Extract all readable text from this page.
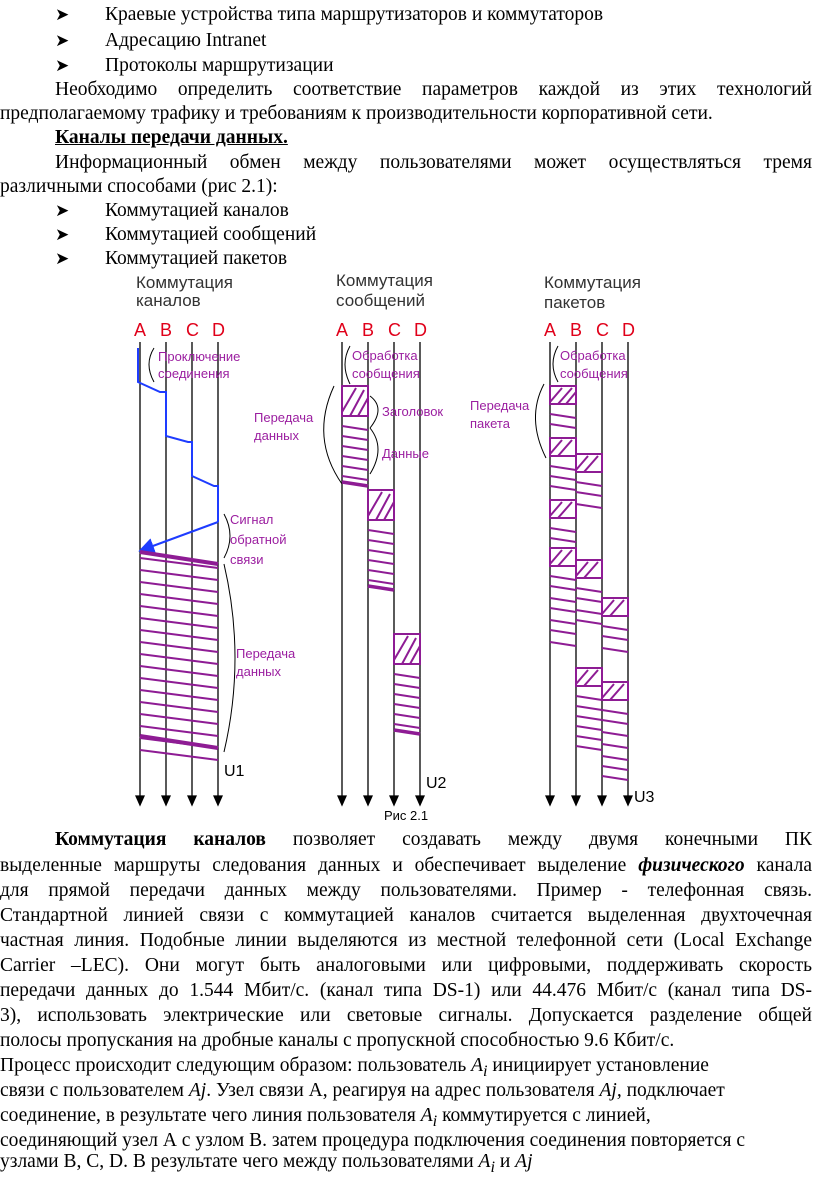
➤ Краевые устройства типа маршрутизаторов и коммутаторов
➤ Адресацию Intranet
➤ Протоколы маршрутизации
Необходимо определить соответствие параметров каждой из этих технологий
предполагаемому трафику и требованиям к производительности корпоративной сети.
Каналы передачи данных.
Информационный обмен между пользователями может осуществляться тремя
различными способами (рис 2.1):
➤ Коммутацией каналов
➤ Коммутацией сообщений
➤ Коммутацией пакетов
Коммутация
каналов
A B C D
Проключение
соединения
Сигнал
обратной
связи
Передача
данных
U1
Коммутация
сообщений
A B C D
Обработка
сообщения
Передача
данных
Заголовок
Данные
U2
Рис 2.1
Коммутация
пакетов
A B C D
Обработка
сообщения
Передача
пакета
U3
Коммутация каналов позволяет создавать между двумя конечными ПК
выделенные маршруты следования данных и обеспечивает выделение физического канала
для прямой передачи данных между пользователями. Пример - телефонная связь.
Стандартной линией связи с коммутацией каналов считается выделенная двухточечная
частная линия. Подобные линии выделяются из местной телефонной сети (Local Exchange
Carrier –LEC). Они могут быть аналоговыми или цифровыми, поддерживать скорость
передачи данных до 1.544 Мбит/с. (канал типа DS-1) или 44.476 Мбит/с (канал типа DS-
3), использовать электрические или световые сигналы. Допускается разделение общей
полосы пропускания на дробные каналы с пропускной способностью 9.6 Кбит/с.
Процесс происходит следующим образом: пользователь $A_i$ инициирует установление
связи с пользователем Aj. Узел связи А, реагируя на адрес пользователя Aj, подключает
соединение, в результате чего линия пользователя $A_i$ коммутируется с линией,
соединяющий узел А с узлом В. затем процедура подключения соединения повторяется с
узлами B, C, D. В результате чего между пользователями $A_i$ и Aj
